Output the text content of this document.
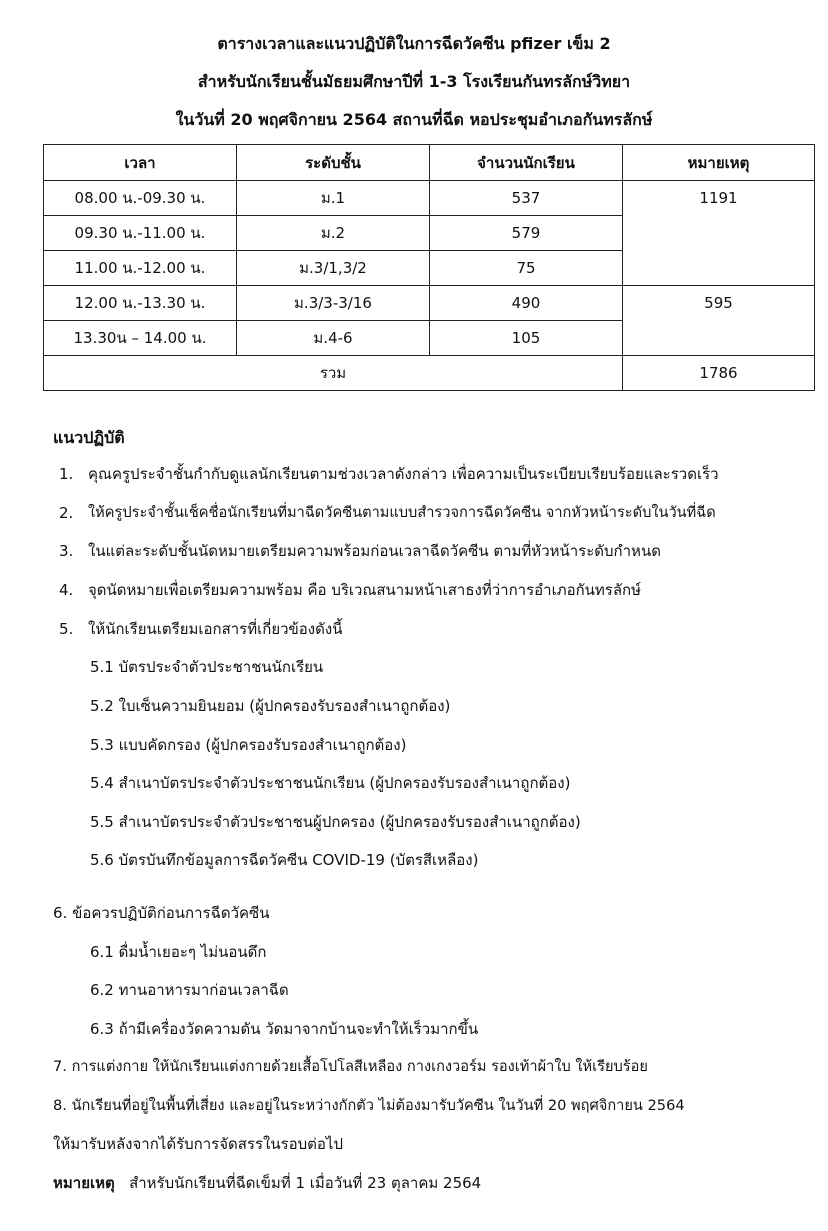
ตารางเวลาและแนวปฏิบัติในการฉีดวัคซีน pfizer เข็ม 2
สำหรับนักเรียนชั้นมัธยมศึกษาปีที่ 1-3 โรงเรียนกันทรลักษ์วิทยา
ในวันที่ 20 พฤศจิกายน 2564 สถานที่ฉีด หอประชุมอำเภอกันทรลักษ์
เวลา	ระดับชั้น	จำนวนนักเรียน	หมายเหตุ
08.00 น.-09.30 น.	ม.1	537	1191
09.30 น.-11.00 น.	ม.2	579	
11.00 น.-12.00 น.	ม.3/1,3/2	75	
12.00 น.-13.30 น.	ม.3/3-3/16	490	595
13.30น – 14.00 น.	ม.4-6	105	
รวม			1786
แนวปฏิบัติ
1. คุณครูประจำชั้นกำกับดูแลนักเรียนตามช่วงเวลาดังกล่าว เพื่อความเป็นระเบียบเรียบร้อยและรวดเร็ว
2. ให้ครูประจำชั้นเช็คชื่อนักเรียนที่มาฉีดวัคซีนตามแบบสำรวจการฉีดวัคซีน จากหัวหน้าระดับในวันที่ฉีด
3. ในแต่ละระดับชั้นนัดหมายเตรียมความพร้อมก่อนเวลาฉีดวัคซีน ตามที่หัวหน้าระดับกำหนด
4. จุดนัดหมายเพื่อเตรียมความพร้อม คือ บริเวณสนามหน้าเสาธงที่ว่าการอำเภอกันทรลักษ์
5. ให้นักเรียนเตรียมเอกสารที่เกี่ยวข้องดังนี้
5.1 บัตรประจำตัวประชาชนนักเรียน
5.2 ใบเซ็นความยินยอม (ผู้ปกครองรับรองสำเนาถูกต้อง)
5.3 แบบคัดกรอง (ผู้ปกครองรับรองสำเนาถูกต้อง)
5.4 สำเนาบัตรประจำตัวประชาชนนักเรียน (ผู้ปกครองรับรองสำเนาถูกต้อง)
5.5 สำเนาบัตรประจำตัวประชาชนผู้ปกครอง (ผู้ปกครองรับรองสำเนาถูกต้อง)
5.6 บัตรบันทึกข้อมูลการฉีดวัคซีน COVID-19 (บัตรสีเหลือง)
6. ข้อควรปฏิบัติก่อนการฉีดวัคซีน
6.1 ดื่มน้ำเยอะๆ ไม่นอนดึก
6.2 ทานอาหารมาก่อนเวลาฉีด
6.3 ถ้ามีเครื่องวัดความดัน วัดมาจากบ้านจะทำให้เร็วมากขึ้น
7. การแต่งกาย ให้นักเรียนแต่งกายด้วยเสื้อโปโลสีเหลือง กางเกงวอร์ม รองเท้าผ้าใบ ให้เรียบร้อย
8. นักเรียนที่อยู่ในพื้นที่เสี่ยง และอยู่ในระหว่างกักตัว ไม่ต้องมารับวัคซีน ในวันที่ 20 พฤศจิกายน 2564
ให้มารับหลังจากได้รับการจัดสรรในรอบต่อไป
หมายเหตุ สำหรับนักเรียนที่ฉีดเข็มที่ 1 เมื่อวันที่ 23 ตุลาคม 2564
